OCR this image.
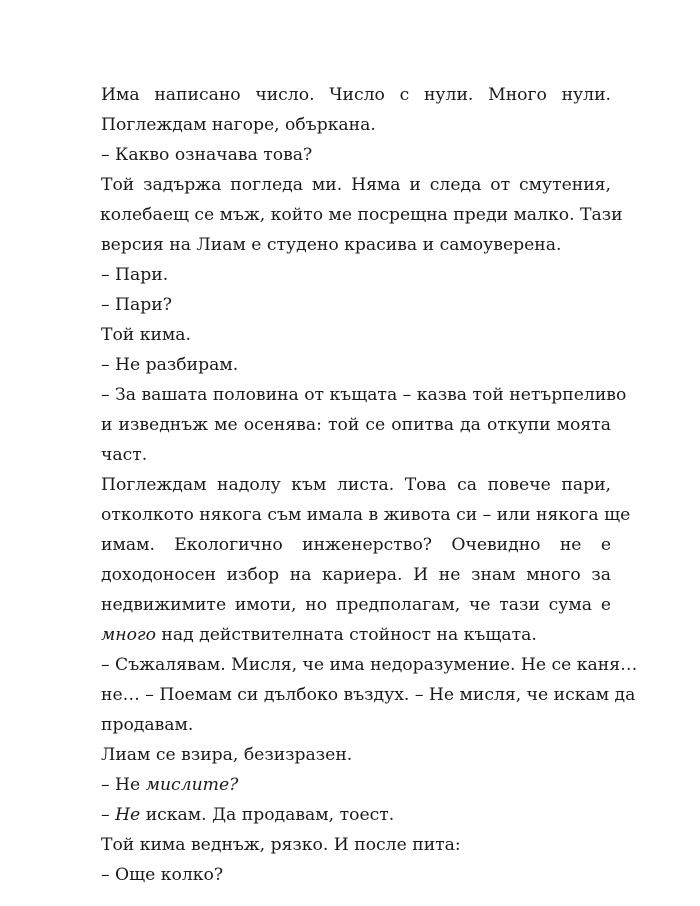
Има написано число. Число с нули. Много нули.
Поглеждам нагоре, объркана.
– Какво означава това?
Той задържа погледа ми. Няма и следа от смутения,
колебаещ се мъж, който ме посрещна преди малко. Тази
версия на Лиам е студено красива и самоуверена.
– Пари.
– Пари?
Той кима.
– Не разбирам.
– За вашата половина от къщата – казва той нетърпеливо
и изведнъж ме осенява: той се опитва да откупи моята
част.
Поглеждам надолу към листа. Това са повече пари,
отколкото някога съм имала в живота си – или някога ще
имам. Екологично инженерство? Очевидно не е
доходоносен избор на кариера. И не знам много за
недвижимите имоти, но предполагам, че тази сума е
много над действителната стойност на къщата.
– Съжалявам. Мисля, че има недоразумение. Не се каня…
не… – Поемам си дълбоко въздух. – Не мисля, че искам да
продавам.
Лиам се взира, безизразен.
– Не мислите?
– Не искам. Да продавам, тоест.
Той кима веднъж, рязко. И после пита:
– Още колко?
